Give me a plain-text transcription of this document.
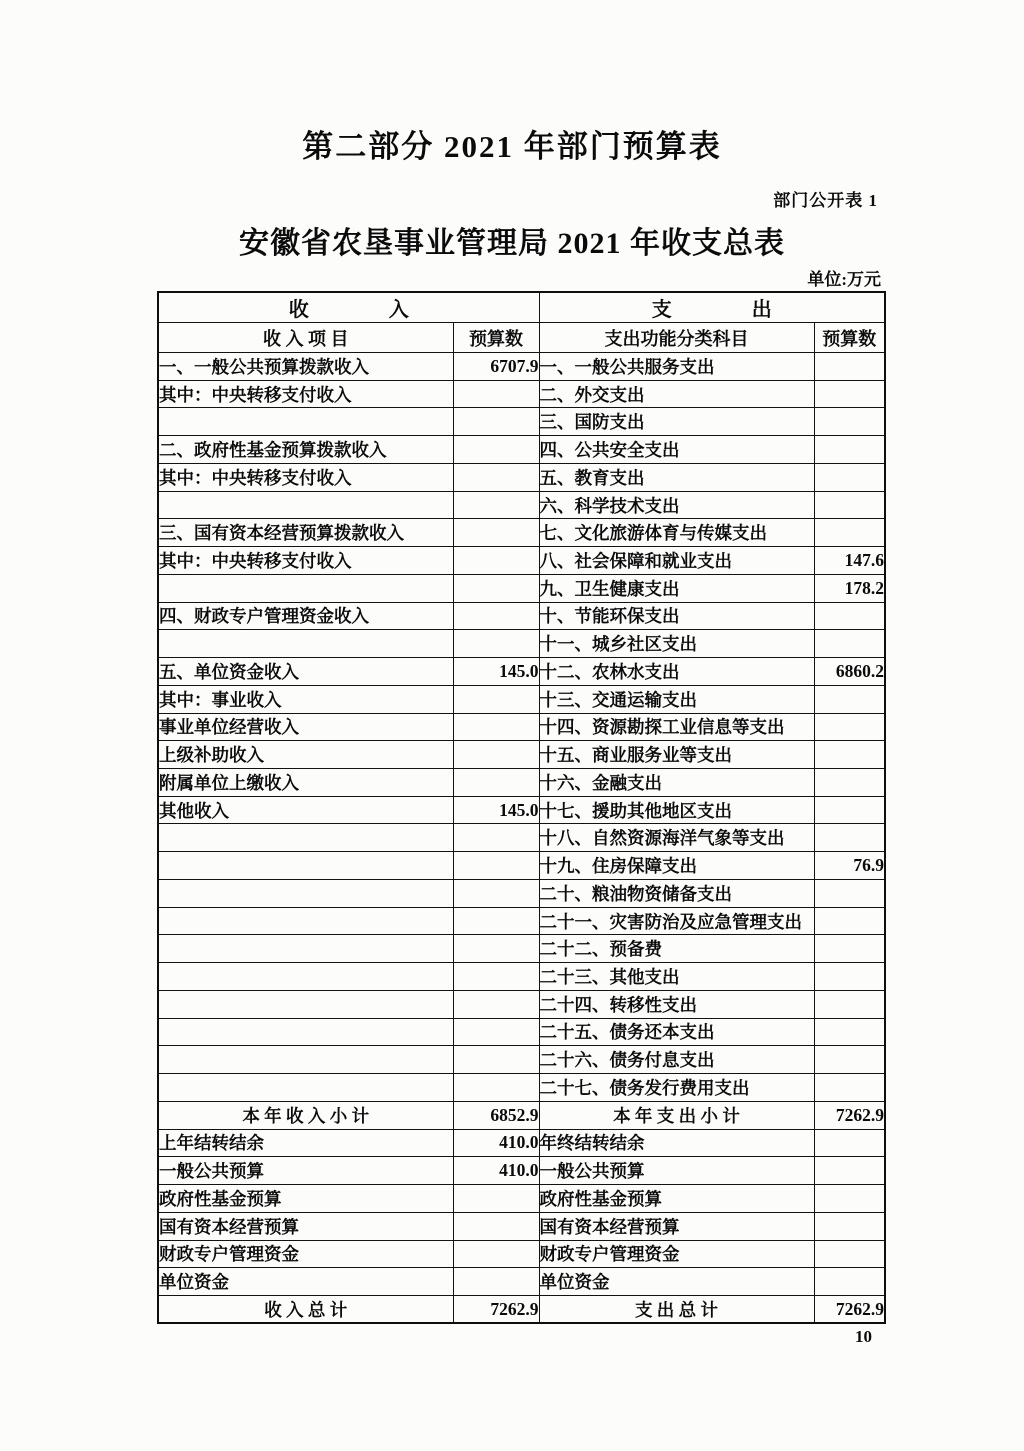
第二部分 2021 年部门预算表
部门公开表 1
安徽省农垦事业管理局 2021 年收支总表
单位:万元
收　　　　入		支　　　　出	
收 入 项 目	预算数	支出功能分类科目	预算数
一、一般公共预算拨款收入	6707.9	一、一般公共服务支出	
其中：中央转移支付收入		二、外交支出	
		三、国防支出	
二、政府性基金预算拨款收入		四、公共安全支出	
其中：中央转移支付收入		五、教育支出	
		六、科学技术支出	
三、国有资本经营预算拨款收入		七、文化旅游体育与传媒支出	
其中：中央转移支付收入		八、社会保障和就业支出	147.6
		九、卫生健康支出	178.2
四、财政专户管理资金收入		十、节能环保支出	
		十一、城乡社区支出	
五、单位资金收入	145.0	十二、农林水支出	6860.2
其中：事业收入		十三、交通运输支出	
事业单位经营收入		十四、资源勘探工业信息等支出	
上级补助收入		十五、商业服务业等支出	
附属单位上缴收入		十六、金融支出	
其他收入	145.0	十七、援助其他地区支出	
		十八、自然资源海洋气象等支出	
		十九、住房保障支出	76.9
		二十、粮油物资储备支出	
		二十一、灾害防治及应急管理支出	
		二十二、预备费	
		二十三、其他支出	
		二十四、转移性支出	
		二十五、债务还本支出	
		二十六、债务付息支出	
		二十七、债务发行费用支出	
本 年 收 入 小 计	6852.9	本 年 支 出 小 计	7262.9
上年结转结余	410.0	年终结转结余	
一般公共预算	410.0	一般公共预算	
政府性基金预算		政府性基金预算	
国有资本经营预算		国有资本经营预算	
财政专户管理资金		财政专户管理资金	
单位资金		单位资金	
收 入 总 计	7262.9	支 出 总 计	7262.9
10
